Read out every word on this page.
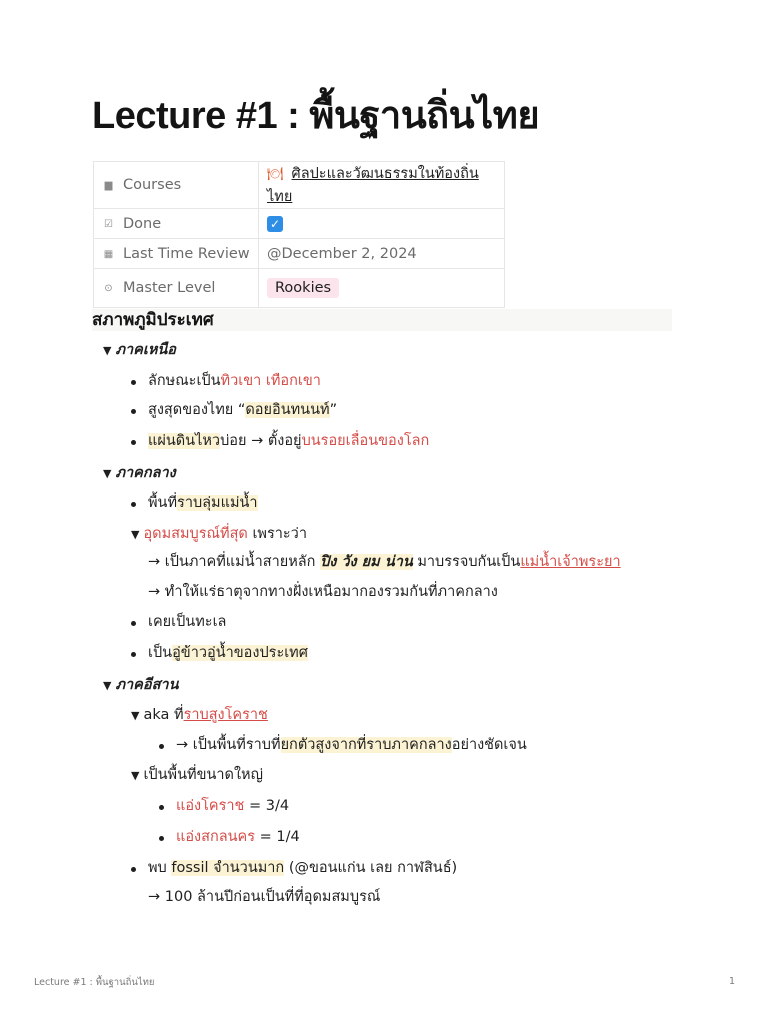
Lecture #1 : พื้นฐานถิ่นไทย
▆ Courses	🍽 ศิลปะและวัฒนธรรมในท้องถิ่นไทย
☑ Done	✓
▦ Last Time Review	@December 2, 2024
⊙ Master Level	Rookies
สภาพภูมิประเทศ
▼ ภาคเหนือ
ลักษณะเป็นทิวเขา เทือกเขา
สูงสุดของไทย “ดอยอินทนนท์”
แผ่นดินไหวบ่อย → ตั้งอยู่บนรอยเลื่อนของโลก
▼ ภาคกลาง
พื้นที่ราบลุ่มแม่น้ำ
▼ อุดมสมบูรณ์ที่สุด เพราะว่า
→ เป็นภาคที่แม่น้ำสายหลัก ปิง วัง ยม น่าน มาบรรจบกันเป็นแม่น้ำเจ้าพระยา
→ ทำให้แร่ธาตุจากทางฝั่งเหนือมากองรวมกันที่ภาคกลาง
เคยเป็นทะเล
เป็นอู่ข้าวอู่น้ำของประเทศ
▼ ภาคอีสาน
▼ aka ที่ราบสูงโคราช
→ เป็นพื้นที่ราบที่ยกตัวสูงจากที่ราบภาคกลางอย่างชัดเจน
▼ เป็นพื้นที่ขนาดใหญ่
แอ่งโคราช = 3/4
แอ่งสกลนคร = 1/4
พบ fossil จำนวนมาก (@ขอนแก่น เลย กาฬสินธ์)
→ 100 ล้านปีก่อนเป็นที่ที่อุดมสมบูรณ์
Lecture #1 : พื้นฐานถิ่นไทย	1
